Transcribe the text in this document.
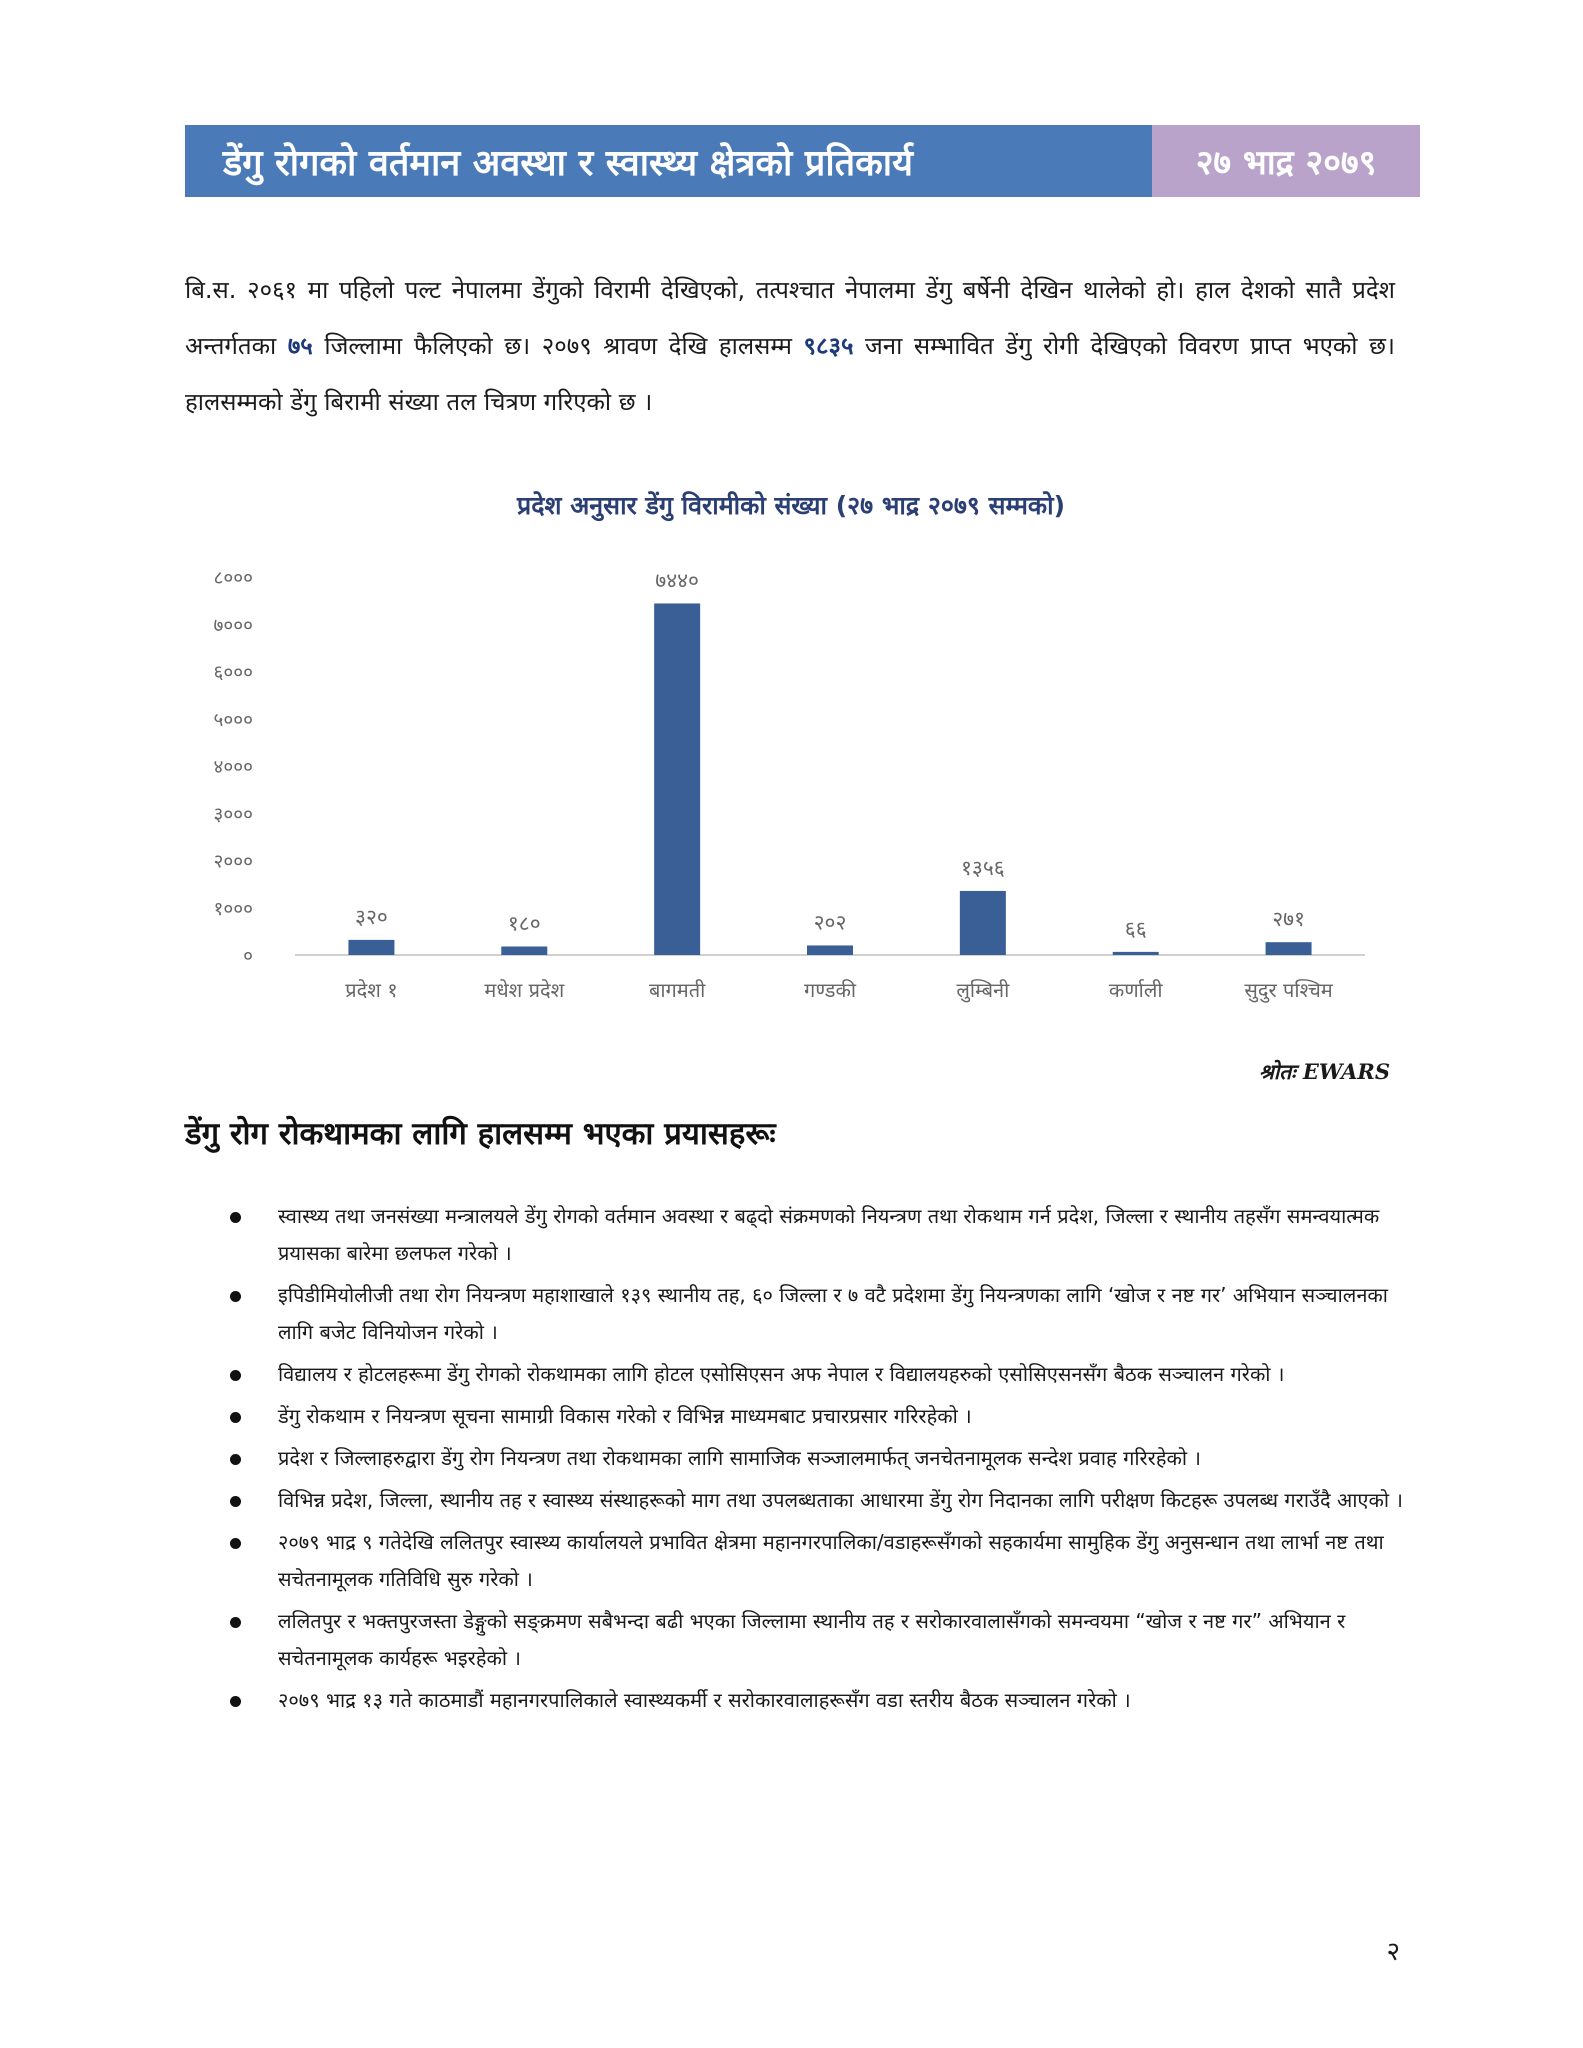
डेंगु रोगको वर्तमान अवस्था र स्वास्थ्य क्षेत्रको प्रतिकार्य	२७ भाद्र २०७९

बि.स. २०६१ मा पहिलो पल्ट नेपालमा डेंगुको विरामी देखिएको, तत्पश्चात नेपालमा डेंगु बर्षेनी देखिन थालेको हो। हाल देशको सातै प्रदेश अन्तर्गतका ७५ जिल्लामा फैलिएको छ। २०७९ श्रावण देखि हालसम्म ९८३५ जना सम्भावित डेंगु रोगी देखिएको विवरण प्राप्त भएको छ। हालसम्मको डेंगु बिरामी संख्या तल चित्रण गरिएको छ ।

प्रदेश अनुसार डेंगु विरामीको संख्या (२७ भाद्र २०७९ सम्मको)
०
१०००
२०००
३०००
४०००
५०००
६०००
७०००
८०००
३२०
प्रदेश १
१८०
मधेश प्रदेश
७४४०
बागमती
२०२
गण्डकी
१३५६
लुम्बिनी
६६
कर्णाली
२७१
सुदुर पश्चिम
श्रोतः EWARS
डेंगु रोग रोकथामका लागि हालसम्म भएका प्रयासहरूः
स्वास्थ्य तथा जनसंख्या मन्त्रालयले डेंगु रोगको वर्तमान अवस्था र बढ्दो संक्रमणको नियन्त्रण तथा रोकथाम गर्न प्रदेश, जिल्ला र स्थानीय तहसँग समन्वयात्मक प्रयासका बारेमा छलफल गरेको ।
इपिडीमियोलीजी तथा रोग नियन्त्रण महाशाखाले १३९ स्थानीय तह, ६० जिल्ला र ७ वटै प्रदेशमा डेंगु नियन्त्रणका लागि ‘खोज र नष्ट गर’ अभियान सञ्चालनका लागि बजेट विनियोजन गरेको ।
विद्यालय र होटलहरूमा डेंगु रोगको रोकथामका लागि होटल एसोसिएसन अफ नेपाल र विद्यालयहरुको एसोसिएसनसँग बैठक सञ्चालन गरेको ।
डेंगु रोकथाम र नियन्त्रण सूचना सामाग्री विकास गरेको र विभिन्न माध्यमबाट प्रचारप्रसार गरिरहेको ।
प्रदेश र जिल्लाहरुद्वारा डेंगु रोग नियन्त्रण तथा रोकथामका लागि सामाजिक सञ्जालमार्फत् जनचेतनामूलक सन्देश प्रवाह गरिरहेको ।
विभिन्न प्रदेश, जिल्ला, स्थानीय तह र स्वास्थ्य संस्थाहरूको माग तथा उपलब्धताका आधारमा डेंगु रोग निदानका लागि परीक्षण किटहरू उपलब्ध गराउँदै आएको ।
२०७९ भाद्र ९ गतेदेखि ललितपुर स्वास्थ्य कार्यालयले प्रभावित क्षेत्रमा महानगरपालिका/वडाहरूसँगको सहकार्यमा सामुहिक डेंगु अनुसन्धान तथा लार्भा नष्ट तथा सचेतनामूलक गतिविधि सुरु गरेको ।
ललितपुर र भक्तपुरजस्ता डेङ्गुको सङ्क्रमण सबैभन्दा बढी भएका जिल्लामा स्थानीय तह र सरोकारवालासँगको समन्वयमा “खोज र नष्ट गर” अभियान र सचेतनामूलक कार्यहरू भइरहेको ।
२०७९ भाद्र १३ गते काठमाडौं महानगरपालिकाले स्वास्थ्यकर्मी र सरोकारवालाहरूसँग वडा स्तरीय बैठक सञ्चालन गरेको ।
२
